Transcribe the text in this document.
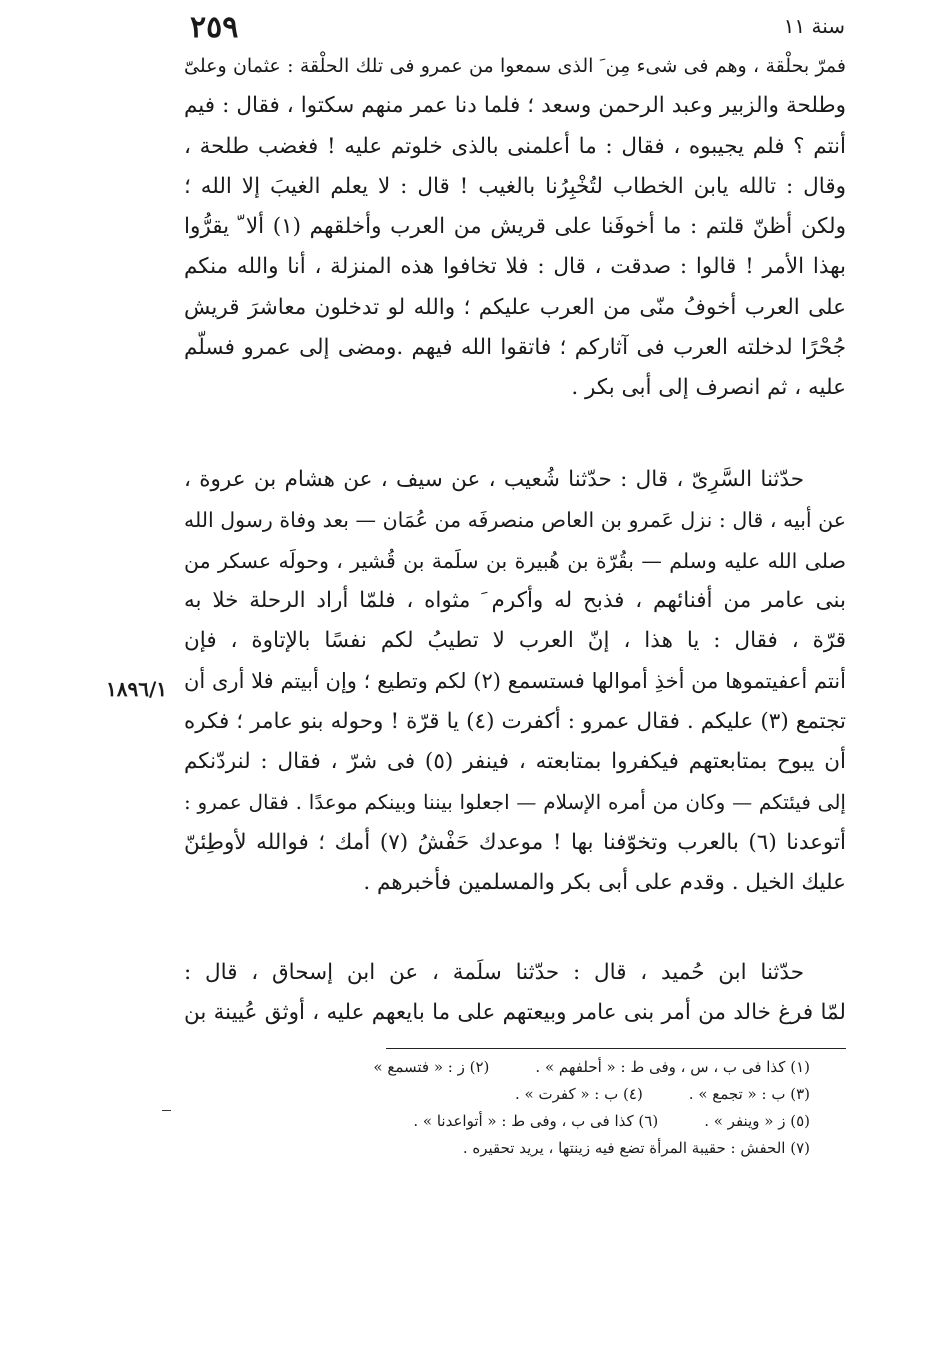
٢٥٩	سنة ١١
فمرّ بحلْقة ، وهم فى شىء مِن َ الذى سمعوا من عمرو فى تلك الحلْقة : عثمان وعلىّ
وطلحة والزبير وعبد الرحمن وسعد ؛ فلما دنا عمر منهم سكتوا ، فقال : فيم
أنتم ؟ فلم يجيبوه ، فقال : ما أعلمنى بالذى خلوتم عليه ! فغضب طلحة ،
وقال : تالله يابن الخطاب لتُخْبِرُنا بالغيب ! قال : لا يعلم الغيبَ إلا الله ؛
ولكن أظنّ قلتم : ما أخوفَنا على قريش من العرب وأخلقهم (١) ألا ّ يقرُّوا
بهذا الأمر ! قالوا : صدقت ، قال : فلا تخافوا هذه المنزلة ، أنا والله منكم
على العرب أخوفُ منّى من العرب عليكم ؛ والله لو تدخلون معاشرَ قريش
جُحْرًا لدخلته العرب فى آثاركم ؛ فاتقوا الله فيهم .ومضى إلى عمرو فسلّم
عليه ، ثم انصرف إلى أبى بكر .
حدّثنا السَّرِىّ ، قال : حدّثنا شُعيب ، عن سيف ، عن هشام بن عروة ،
عن أبيه ، قال : نزل عَمرو بن العاص منصرفَه من عُمَان — بعد وفاة رسول الله
صلى الله عليه وسلم — بقُرّة بن هُبيرة بن سلَمة بن قُشير ، وحولَه عسكر من
بنى عامر من أفنائهم ، فذبح له وأكرم َ مثواه ، فلمّا أراد الرحلة خلا به
قرّة ، فقال : يا هذا ، إنّ العرب لا تطيبُ لكم نفسًا بالإتاوة ، فإن
أنتم أعفيتموها من أخذِ أموالها فستسمع (٢) لكم وتطيع ؛ وإن أبيتم فلا أرى أن
تجتمع (٣) عليكم . فقال عمرو : أكفرت (٤) يا قرّة ! وحوله بنو عامر ؛ فكره
أن يبوح بمتابعتهم فيكفروا بمتابعته ، فينفر (٥) فى شرّ ، فقال : لنردّنكم
إلى فيئتكم — وكان من أمره الإسلام — اجعلوا بيننا وبينكم موعدًا . فقال عمرو :
أتوعدنا (٦) بالعرب وتخوّفنا بها ! موعدك حَفْشُ (٧) أمك ؛ فوالله لأوطِئنّ
عليك الخيل . وقدم على أبى بكر والمسلمين فأخبرهم .
١٨٩٦/١
حدّثنا ابن حُميد ، قال : حدّثنا سلَمة ، عن ابن إسحاق ، قال :
لمّا فرغ خالد من أمر بنى عامر وبيعتهم على ما بايعهم عليه ، أوثق عُيينة بن
(١) كذا فى ب ، س ، وفى ط : « أحلفهم » .(٢) ز : « فتسمع »
(٣) ب : « تجمع » .(٤) ب : « كفرت » .
(٥) ز « وينفر » .(٦) كذا فى ب ، وفى ط : « أتواعدنا » .
(٧) الحفش : حقيبة المرأة تضع فيه زينتها ، يريد تحقيره .
